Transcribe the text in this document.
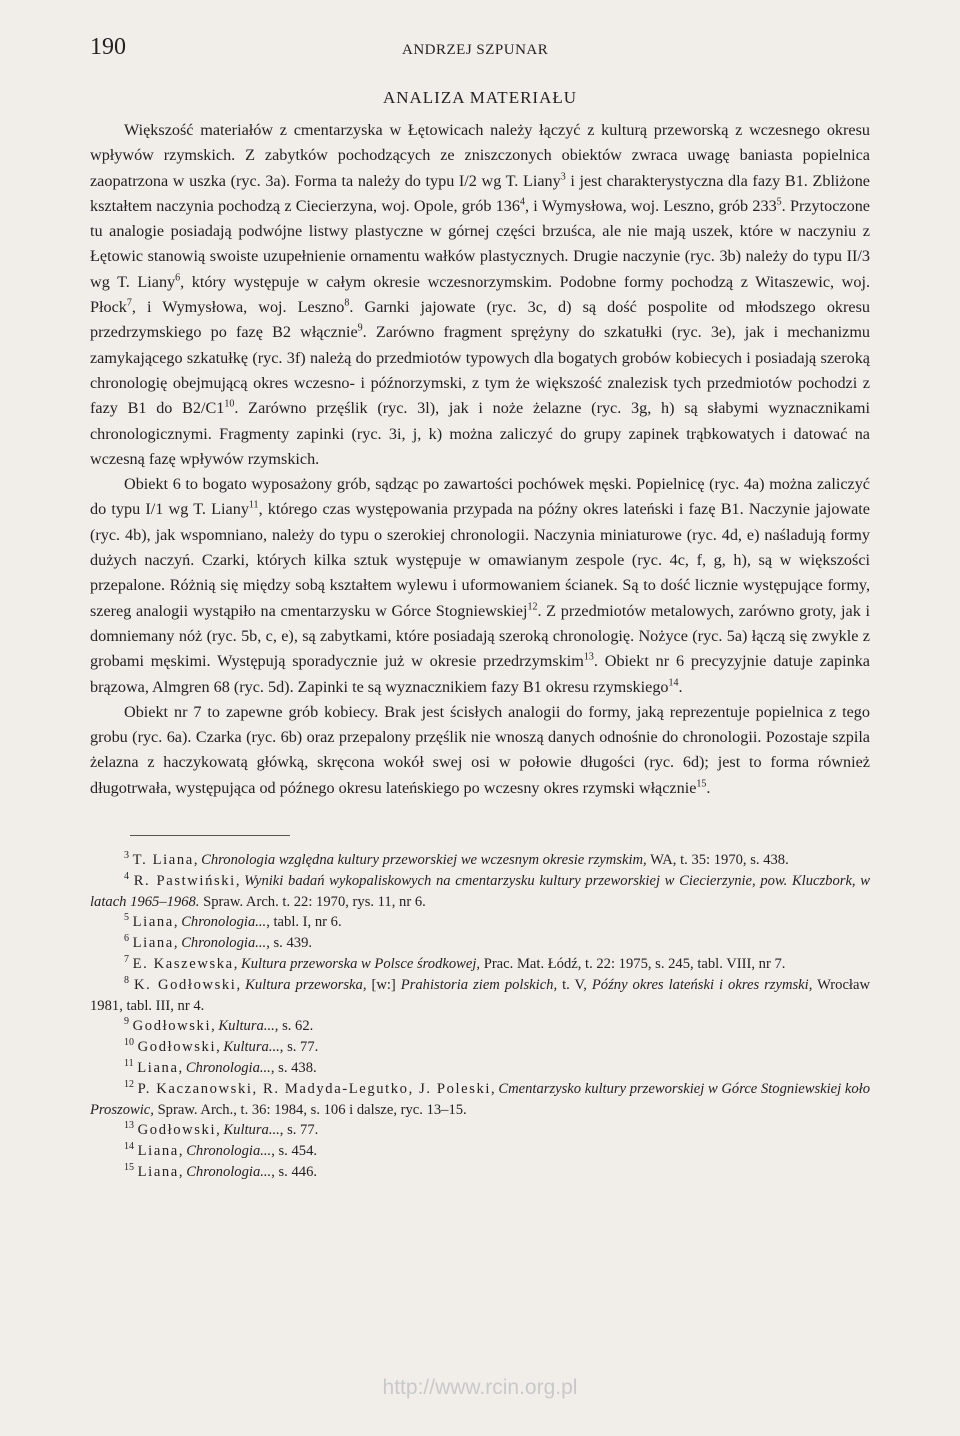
190	ANDRZEJ SZPUNAR
ANALIZA MATERIAŁU

Większość materiałów z cmentarzyska w Łętowicach należy łączyć z kulturą przeworską z wczesnego okresu wpływów rzymskich. Z zabytków pochodzących ze zniszczonych obiektów zwraca uwagę baniasta popielnica zaopatrzona w uszka (ryc. 3a). Forma ta należy do typu I/2 wg T. Liany$^3$ i jest charakterystyczna dla fazy B1. Zbliżone kształtem naczynia pochodzą z Ciecierzyna, woj. Opole, grób $136^4$, i Wymysłowa, woj. Leszno, grób $233^5$. Przytoczone tu analogie posiadają podwójne listwy plastyczne w górnej części brzuśca, ale nie mają uszek, które w naczyniu z Łętowic stanowią swoiste uzupełnienie ornamentu wałków plastycznych. Drugie naczynie (ryc. 3b) należy do typu II/3 wg T. Liany$^6$, który występuje w całym okresie wczesnorzymskim. Podobne formy pochodzą z Witaszewic, woj. Płock$^7$, i Wymysłowa, woj. Leszno$^8$. Garnki jajowate (ryc. 3c, d) są dość pospolite od młodszego okresu przedrzymskiego po fazę B2 włącznie$^9$. Zarówno fragment sprężyny do szkatułki (ryc. 3e), jak i mechanizmu zamykającego szkatułkę (ryc. 3f) należą do przedmiotów typowych dla bogatych grobów kobiecych i posiadają szeroką chronologię obejmującą okres wczesno- i późnorzymski, z tym że większość znalezisk tych przedmiotów pochodzi z fazy B1 do $B2/C1^{10}$. Zarówno przęślik (ryc. 3l), jak i noże żelazne (ryc. 3g, h) są słabymi wyznacznikami chronologicznymi. Fragmenty zapinki (ryc. 3i, j, k) można zaliczyć do grupy zapinek trąbkowatych i datować na wczesną fazę wpływów rzymskich.

Obiekt 6 to bogato wyposażony grób, sądząc po zawartości pochówek męski. Popielnicę (ryc. 4a) można zaliczyć do typu I/1 wg T. Liany$^{11}$, którego czas występowania przypada na późny okres lateński i fazę B1. Naczynie jajowate (ryc. 4b), jak wspomniano, należy do typu o szerokiej chronologii. Naczynia miniaturowe (ryc. 4d, e) naśladują formy dużych naczyń. Czarki, których kilka sztuk występuje w omawianym zespole (ryc. 4c, f, g, h), są w większości przepalone. Różnią się między sobą kształtem wylewu i uformowaniem ścianek. Są to dość licznie występujące formy, szereg analogii wystąpiło na cmentarzysku w Górce Stogniewskiej$^{12}$. Z przedmiotów metalowych, zarówno groty, jak i domniemany nóż (ryc. 5b, c, e), są zabytkami, które posiadają szeroką chronologię. Nożyce (ryc. 5a) łączą się zwykle z grobami męskimi. Występują sporadycznie już w okresie przedrzymskim$^{13}$. Obiekt nr 6 precyzyjnie datuje zapinka brązowa, Almgren 68 (ryc. 5d). Zapinki te są wyznacznikiem fazy B1 okresu rzymskiego$^{14}$.

Obiekt nr 7 to zapewne grób kobiecy. Brak jest ścisłych analogii do formy, jaką reprezentuje popielnica z tego grobu (ryc. 6a). Czarka (ryc. 6b) oraz przepalony przęślik nie wnoszą danych odnośnie do chronologii. Pozostaje szpila żelazna z haczykowatą główką, skręcona wokół swej osi w połowie długości (ryc. 6d); jest to forma również długotrwała, występująca od późnego okresu lateńskiego po wczesny okres rzymski włącznie$^{15}$.

$^3$ T. Liana, Chronologia względna kultury przeworskiej we wczesnym okresie rzymskim, WA, t. 35: 1970, s. 438.

$^4$ R. Pastwiński, Wyniki badań wykopaliskowych na cmentarzysku kultury przeworskiej w Ciecierzynie, pow. Kluczbork, w latach 1965–1968. Spraw. Arch. t. 22: 1970, rys. 11, nr 6.

$^5$ Liana, Chronologia..., tabl. I, nr 6.

$^6$ Liana, Chronologia..., s. 439.

$^7$ E. Kaszewska, Kultura przeworska w Polsce środkowej, Prac. Mat. Łódź, t. 22: 1975, s. 245, tabl. VIII, nr 7.

$^8$ K. Godłowski, Kultura przeworska, [w:] Prahistoria ziem polskich, t. V, Późny okres lateński i okres rzymski, Wrocław 1981, tabl. III, nr 4.

$^9$ Godłowski, Kultura..., s. 62.

$^{10}$ Godłowski, Kultura..., s. 77.

$^{11}$ Liana, Chronologia..., s. 438.

$^{12}$ P. Kaczanowski, R. Madyda-Legutko, J. Poleski, Cmentarzysko kultury przeworskiej w Górce Stogniewskiej koło Proszowic, Spraw. Arch., t. 36: 1984, s. 106 i dalsze, ryc. 13–15.

$^{13}$ Godłowski, Kultura..., s. 77.

$^{14}$ Liana, Chronologia..., s. 454.

$^{15}$ Liana, Chronologia..., s. 446.

http://www.rcin.org.pl
